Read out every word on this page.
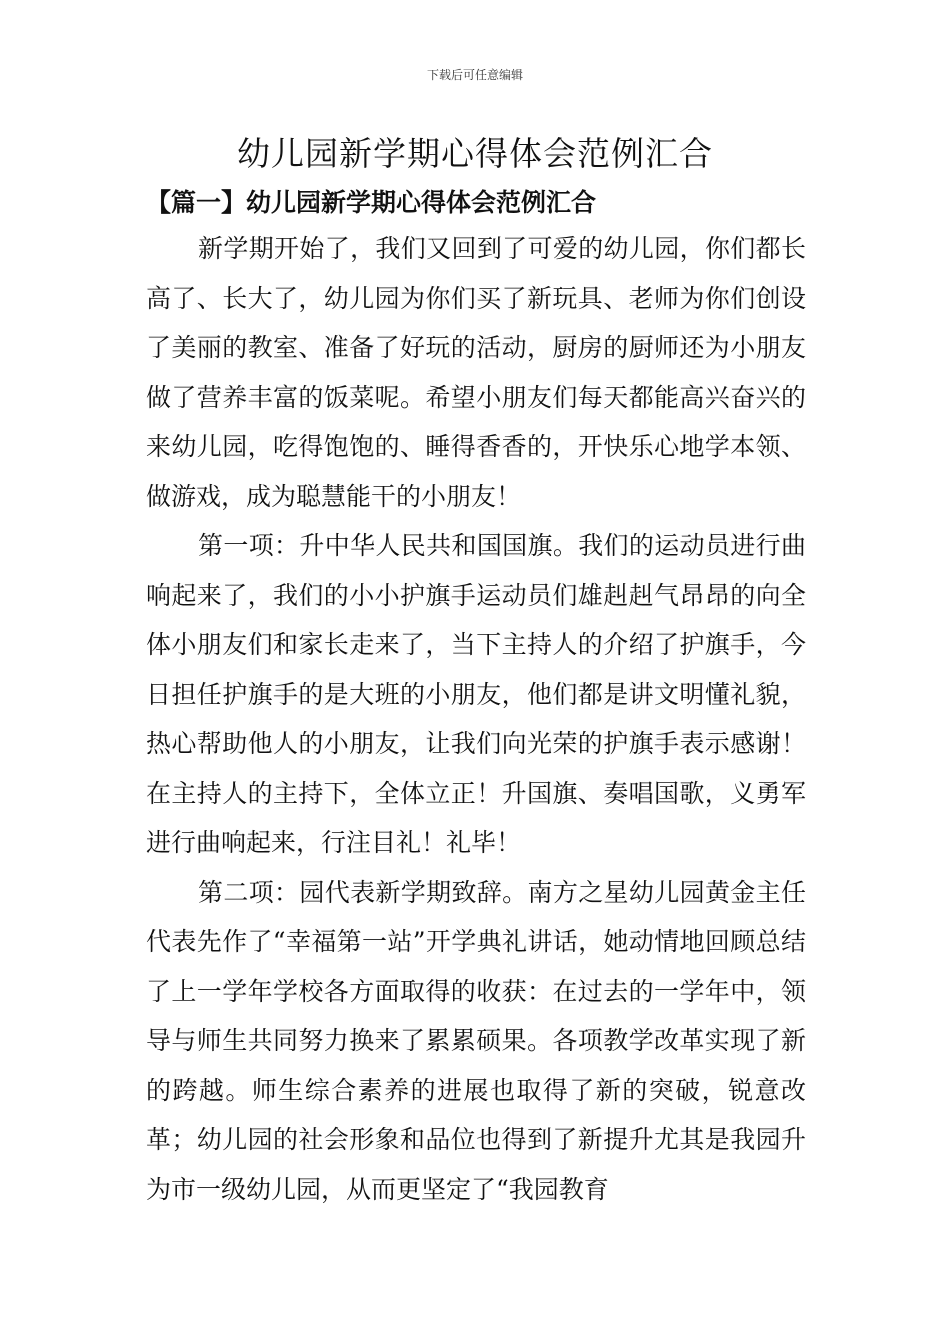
下载后可任意编辑
幼儿园新学期心得体会范例汇合
【篇一】幼儿园新学期心得体会范例汇合

新学期开始了，我们又回到了可爱的幼儿园，你们都长高了、长大了，幼儿园为你们买了新玩具、老师为你们创设了美丽的教室、准备了好玩的活动，厨房的厨师还为小朋友做了营养丰富的饭菜呢。希望小朋友们每天都能高兴奋兴的来幼儿园，吃得饱饱的、睡得香香的，开快乐心地学本领、做游戏，成为聪慧能干的小朋友！

第一项：升中华人民共和国国旗。我们的运动员进行曲响起来了，我们的小小护旗手运动员们雄赳赳气昂昂的向全体小朋友们和家长走来了，当下主持人的介绍了护旗手，今日担任护旗手的是大班的小朋友，他们都是讲文明懂礼貌，热心帮助他人的小朋友，让我们向光荣的护旗手表示感谢！在主持人的主持下，全体立正！升国旗、奏唱国歌，义勇军进行曲响起来，行注目礼！礼毕！

第二项：园代表新学期致辞。南方之星幼儿园黄金主任代表先作了“幸福第一站”开学典礼讲话，她动情地回顾总结了上一学年学校各方面取得的收获：在过去的一学年中，领导与师生共同努力换来了累累硕果。各项教学改革实现了新的跨越。师生综合素养的进展也取得了新的突破，锐意改革；幼儿园的社会形象和品位也得到了新提升尤其是我园升为市一级幼儿园，从而更坚定了“我园教育
